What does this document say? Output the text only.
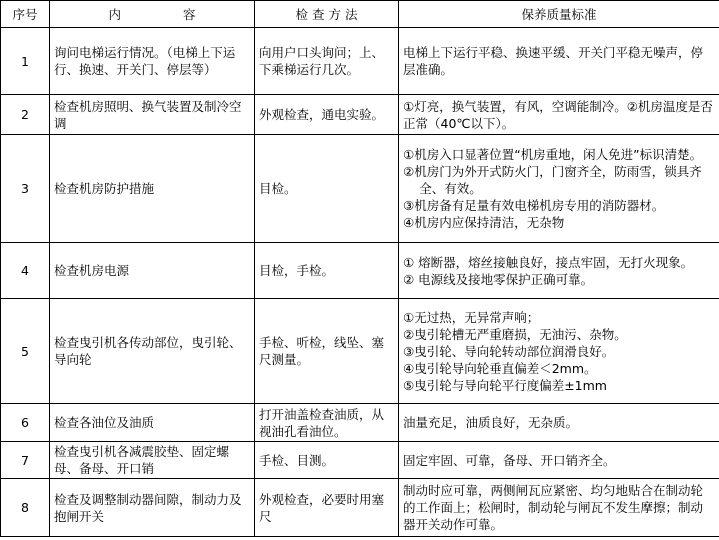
序号	内 容	检 查 方 法	保养质量标准
1	询问电梯运行情况。（电梯上下运行、换速、开关门、停层等）	向用户口头询问；上、下乘梯运行几次。	电梯上下运行平稳、换速平缓、开关门平稳无噪声，停层准确。

2	检查机房照明、换气装置及制冷空调	外观检查，通电实验。	①灯亮，换气装置，有风，空调能制冷。②机房温度是否正常（40℃以下）。

3	检查机房防护措施	目检。	①机房入口显著位置“机房重地，闲人免进”标识清楚。
②机房门为外开式防火门，门窗齐全，防雨雪，锁具齐全、有效。
③机房备有足量有效电梯机房专用的消防器材。
④机房内应保持清洁，无杂物

4	检查机房电源	目检，手检。	① 熔断器，熔丝接触良好，接点牢固，无打火现象。
② 电源线及接地零保护正确可靠。

5	检查曳引机各传动部位，曳引轮、导向轮	手检、听检，线坠、塞尺测量。	①无过热，无异常声响；
②曳引轮槽无严重磨损，无油污、杂物。
③曳引轮、导向轮转动部位润滑良好。
④曳引轮导向轮垂直偏差＜2mm。
⑤曳引轮与导向轮平行度偏差±1mm

6	检查各油位及油质	打开油盖检查油质，从视油孔看油位。	油量充足，油质良好，无杂质。

7	检查曳引机各减震胶垫、固定螺母、备母、开口销	手检、目测。	固定牢固、可靠，备母、开口销齐全。

8	检查及调整制动器间隙，制动力及抱闸开关	外观检查，必要时用塞尺	制动时应可靠，两侧闸瓦应紧密、均匀地贴合在制动轮的工作面上；松闸时，制动轮与闸瓦不发生摩擦；制动器开关动作可靠。
